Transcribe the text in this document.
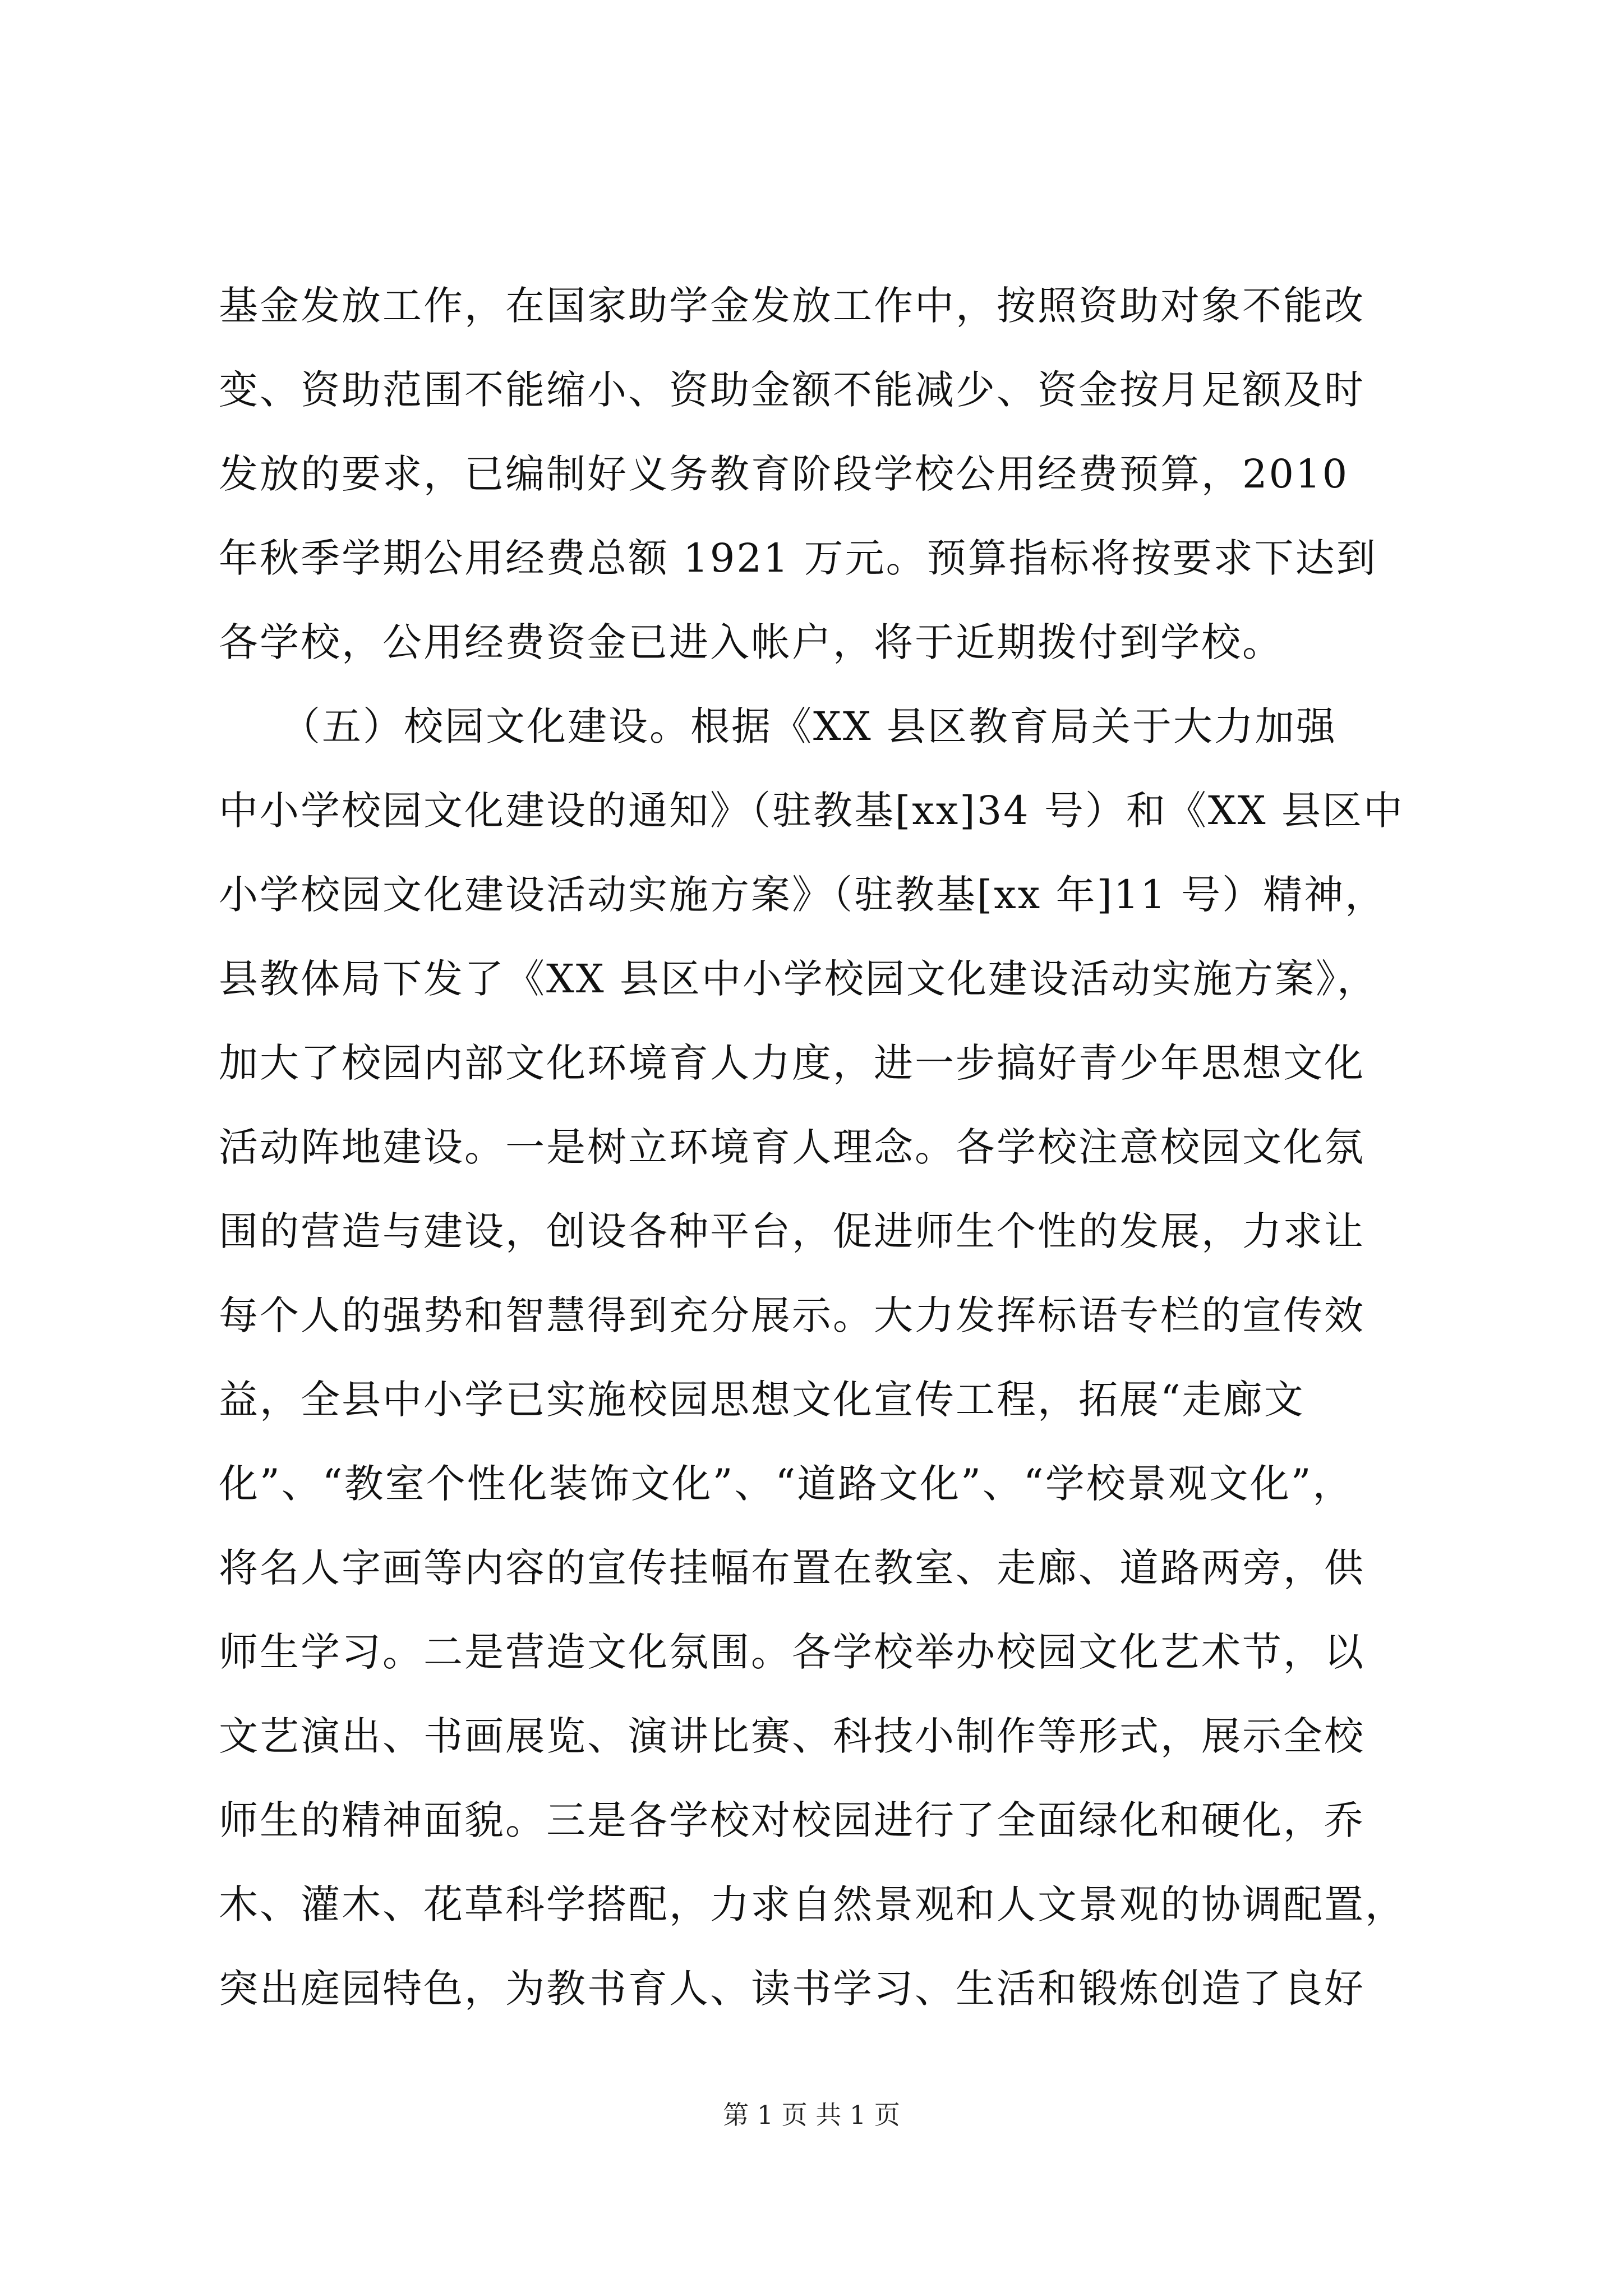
基金发放工作，在国家助学金发放工作中，按照资助对象不能改
变、资助范围不能缩小、资助金额不能减少、资金按月足额及时
发放的要求，已编制好义务教育阶段学校公用经费预算，2010
年秋季学期公用经费总额 1921 万元。预算指标将按要求下达到
各学校，公用经费资金已进入帐户，将于近期拨付到学校。
　　（五）校园文化建设。根据《XX 县区教育局关于大力加强
中小学校园文化建设的通知》（驻教基[xx]34 号）和《XX 县区中
小学校园文化建设活动实施方案》（驻教基[xx 年]11 号）精神，
县教体局下发了《XX 县区中小学校园文化建设活动实施方案》，
加大了校园内部文化环境育人力度，进一步搞好青少年思想文化
活动阵地建设。一是树立环境育人理念。各学校注意校园文化氛
围的营造与建设，创设各种平台，促进师生个性的发展，力求让
每个人的强势和智慧得到充分展示。大力发挥标语专栏的宣传效
益，全县中小学已实施校园思想文化宣传工程，拓展“走廊文
化”、“教室个性化装饰文化”、“道路文化”、“学校景观文化”，
将名人字画等内容的宣传挂幅布置在教室、走廊、道路两旁，供
师生学习。二是营造文化氛围。各学校举办校园文化艺术节，以
文艺演出、书画展览、演讲比赛、科技小制作等形式，展示全校
师生的精神面貌。三是各学校对校园进行了全面绿化和硬化，乔
木、灌木、花草科学搭配，力求自然景观和人文景观的协调配置，
突出庭园特色，为教书育人、读书学习、生活和锻炼创造了良好
第 1 页 共 1 页
